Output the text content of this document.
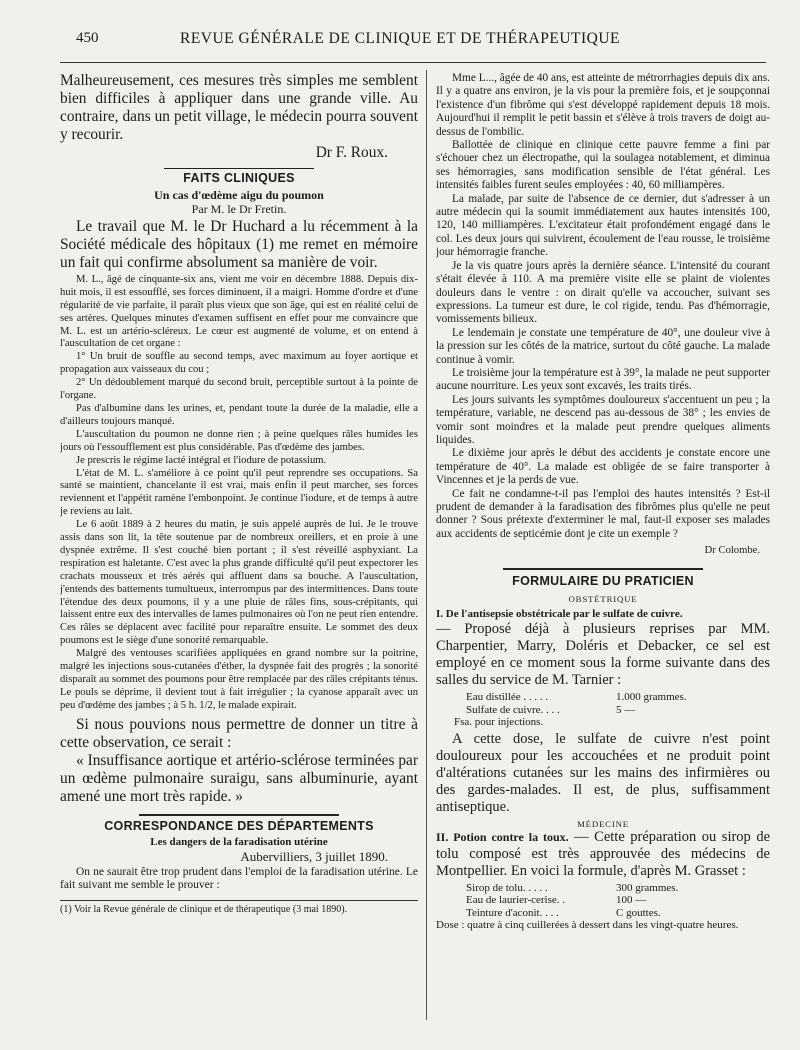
450	REVUE GÉNÉRALE DE CLINIQUE ET DE THÉRAPEUTIQUE

Malheureusement, ces mesures très simples me semblent bien difficiles à appliquer dans une grande ville. Au contraire, dans un petit village, le médecin pourra souvent y recourir.

Dr F. Roux.

FAITS CLINIQUES
Un cas d'œdème aigu du poumon
Par M. le Dr Fretin.

Le travail que M. le Dr Huchard a lu récemment à la Société médicale des hôpitaux (1) me remet en mémoire un fait qui confirme absolument sa manière de voir.

M. L., âgé de cinquante-six ans, vient me voir en décembre 1888. Depuis dix-huit mois, il est essoufflé, ses forces diminuent, il a maigri. Homme d'ordre et d'une régularité de vie parfaite, il paraît plus vieux que son âge, qui est en réalité celui de ses artères. Quelques minutes d'examen suffisent en effet pour me convaincre que M. L. est un artério-scléreux. Le cœur est augmenté de volume, et on entend à l'auscultation de cet organe :

1° Un bruit de souffle au second temps, avec maximum au foyer aortique et propagation aux vaisseaux du cou ;

2° Un dédoublement marqué du second bruit, perceptible surtout à la pointe de l'organe.

Pas d'albumine dans les urines, et, pendant toute la durée de la maladie, elle a d'ailleurs toujours manqué.

L'auscultation du poumon ne donne rien ; à peine quelques râles humides les jours où l'essoufflement est plus considérable. Pas d'œdème des jambes.

Je prescris le régime lacté intégral et l'iodure de potassium.

L'état de M. L. s'améliore à ce point qu'il peut reprendre ses occupations. Sa santé se maintient, chancelante il est vrai, mais enfin il peut marcher, ses forces reviennent et l'appétit ramène l'embonpoint. Je continue l'iodure, et de temps à autre je reviens au lait.

Le 6 août 1889 à 2 heures du matin, je suis appelé auprès de lui. Je le trouve assis dans son lit, la tête soutenue par de nombreux oreillers, et en proie à une dyspnée extrême. Il s'est couché bien portant ; il s'est réveillé asphyxiant. La respiration est haletante. C'est avec la plus grande difficulté qu'il peut expectorer les crachats mousseux et très aérés qui affluent dans sa bouche. A l'auscultation, j'entends des battements tumultueux, interrompus par des intermittences. Dans toute l'étendue des deux poumons, il y a une pluie de râles fins, sous-crépitants, qui laissent entre eux des intervalles de lames pulmonaires où l'on ne peut rien entendre. Ces râles se déplacent avec facilité pour reparaître ensuite. Le sommet des deux poumons est le siège d'une sonorité remarquable.

Malgré des ventouses scarifiées appliquées en grand nombre sur la poitrine, malgré les injections sous-cutanées d'éther, la dyspnée fait des progrès ; la sonorité disparaît au sommet des poumons pour être remplacée par des râles crépitants ténus. Le pouls se déprime, il devient tout à fait irrégulier ; la cyanose apparaît avec un peu d'œdème des jambes ; à 5 h. 1/2, le malade expirait.

Si nous pouvions nous permettre de donner un titre à cette observation, ce serait :

« Insuffisance aortique et artério-sclérose terminées par un œdème pulmonaire suraigu, sans albuminurie, ayant amené une mort très rapide. »

CORRESPONDANCE DES DÉPARTEMENTS
Les dangers de la faradisation utérine

Aubervilliers, 3 juillet 1890.

On ne saurait être trop prudent dans l'emploi de la faradisation utérine. Le fait suivant me semble le prouver :

(1) Voir la Revue générale de clinique et de thérapeutique (3 mai 1890).

Mme L..., âgée de 40 ans, est atteinte de métrorrhagies depuis dix ans. Il y a quatre ans environ, je la vis pour la première fois, et je soupçonnai l'existence d'un fibrôme qui s'est développé rapidement depuis 18 mois. Aujourd'hui il remplit le petit bassin et s'élève à trois travers de doigt au-dessus de l'ombilic.

Ballottée de clinique en clinique cette pauvre femme a fini par s'échouer chez un électropathe, qui la soulagea notablement, et diminua ses hémorragies, sans modification sensible de l'état général. Les intensités faibles furent seules employées : 40, 60 milliampères.

La malade, par suite de l'absence de ce dernier, dut s'adresser à un autre médecin qui la soumit immédiatement aux hautes intensités 100, 120, 140 milliampères. L'excitateur était profondément engagé dans le col. Les deux jours qui suivirent, écoulement de l'eau rousse, le troisième jour hémorragie franche.

Je la vis quatre jours après la dernière séance. L'intensité du courant s'était élevée à 110. A ma première visite elle se plaint de violentes douleurs dans le ventre : on dirait qu'elle va accoucher, suivant ses expressions. La tumeur est dure, le col rigide, tendu. Pas d'hémorragie, vomissements bilieux.

Le lendemain je constate une température de 40°, une douleur vive à la pression sur les côtés de la matrice, surtout du côté gauche. La malade continue à vomir.

Le troisième jour la température est à 39°, la malade ne peut supporter aucune nourriture. Les yeux sont excavés, les traits tirés.

Les jours suivants les symptômes douloureux s'accentuent un peu ; la température, variable, ne descend pas au-dessous de 38° ; les envies de vomir sont moindres et la malade peut prendre quelques aliments liquides.

Le dixième jour après le début des accidents je constate encore une température de 40°. La malade est obligée de se faire transporter à Vincennes et je la perds de vue.

Ce fait ne condamne-t-il pas l'emploi des hautes intensités ? Est-il prudent de demander à la faradisation des fibrômes plus qu'elle ne peut donner ? Sous prétexte d'exterminer le mal, faut-il exposer ses malades aux accidents de septicémie dont je cite un exemple ?

Dr Colombe.

FORMULAIRE DU PRATICIEN
OBSTÉTRIQUE

I. De l'antisepsie obstétricale par le sulfate de cuivre.

— Proposé déjà à plusieurs reprises par MM. Charpentier, Marry, Doléris et Debacker, ce sel est employé en ce moment sous la forme suivante dans des salles du service de M. Tarnier :

Eau distillée . . . . .	1.000 grammes.
Sulfate de cuivre. . . .	5 —

Fsa. pour injections.

A cette dose, le sulfate de cuivre n'est point douloureux pour les accouchées et ne produit point d'altérations cutanées sur les mains des infirmières ou des gardes-malades. Il est, de plus, suffisamment antiseptique.

MÉDECINE

II. Potion contre la toux. — Cette préparation ou sirop de tolu composé est très approuvée des médecins de Montpellier. En voici la formule, d'après M. Grasset :

Sirop de tolu. . . . .	300 grammes.
Eau de laurier-cerise. .	100 —
Teinture d'aconit. . . .	C gouttes.

Dose : quatre à cinq cuillerées à dessert dans les vingt-quatre heures.
